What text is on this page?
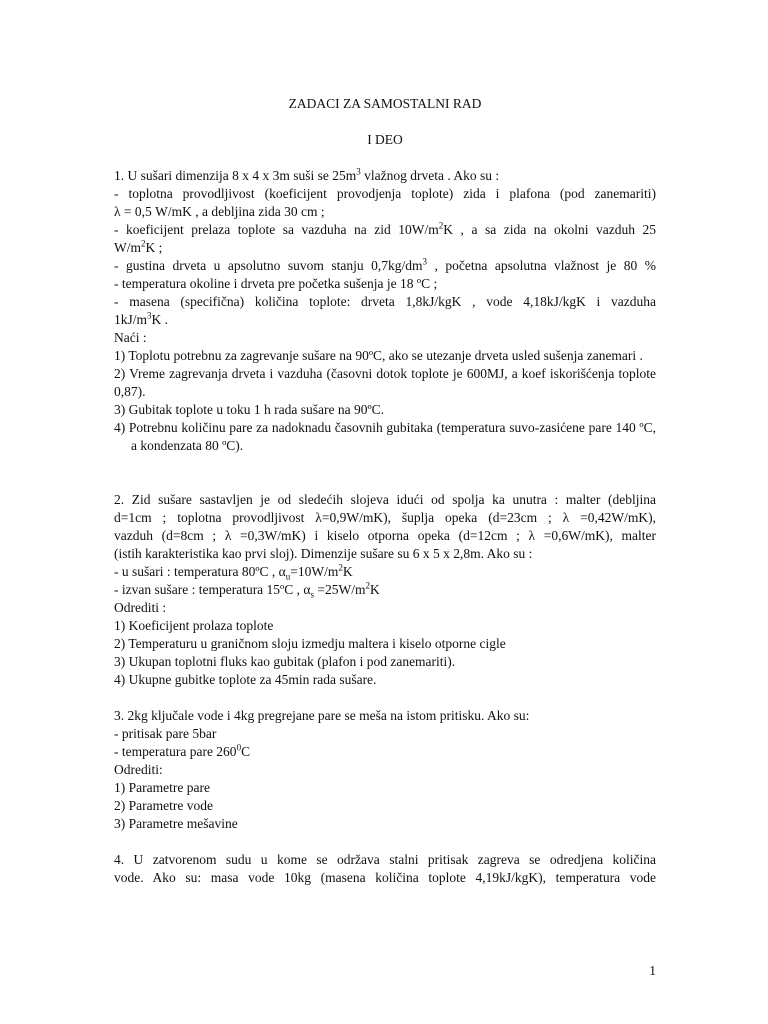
ZADACI ZA SAMOSTALNI RAD

I DEO

1. U sušari dimenzija 8 x 4 x 3m suši se $25m^3$ vlažnog drveta . Ako su :

- toplotna provodljivost (koeficijent provodjenja toplote) zida i plafona (pod zanemariti)

λ = 0,5 W/mK , a debljina zida 30 cm ;

- koeficijent prelaza toplote sa vazduha na zid $10W/m^2K$ , a sa zida na okolni vazduh 25

$W/m^2K$ ;

- gustina drveta u apsolutno suvom stanju $0,7kg/dm^3$ , početna apsolutna vlažnost je 80 %

- temperatura okoline i drveta pre početka sušenja je 18 ºC ;

- masena (specifična) količina toplote: drveta 1,8kJ/kgK , vode 4,18kJ/kgK i vazduha

$1kJ/m^3K$ .

Naći :

1) Toplotu potrebnu za zagrevanje sušare na 90ºC, ako se utezanje drveta usled sušenja zanemari .

2) Vreme zagrevanja drveta i vazduha (časovni dotok toplote je 600MJ, a koef iskorišćenja toplote 0,87).

3) Gubitak toplote u toku 1 h rada sušare na 90ºC.

4) Potrebnu količinu pare za nadoknadu časovnih gubitaka (temperatura suvo-zasićene pare 140 ºC, a kondenzata 80 ºC).

2. Zid sušare sastavljen je od sledećih slojeva idući od spolja ka unutra : malter (debljina

d=1cm ; toplotna provodljivost λ=0,9W/mK), šuplja opeka (d=23cm ; λ =0,42W/mK),

vazduh (d=8cm ; λ =0,3W/mK) i kiselo otporna opeka (d=12cm ; λ =0,6W/mK), malter

(istih karakteristika kao prvi sloj). Dimenzije sušare su 6 x 5 x 2,8m. Ako su :

- u sušari : temperatura 80ºC , $\alpha_u=10W/m^2K$

- izvan sušare : temperatura 15ºC , $\alpha_s =25W/m^2K$

Odrediti :

1) Koeficijent prolaza toplote

2) Temperaturu u graničnom sloju izmedju maltera i kiselo otporne cigle

3) Ukupan toplotni fluks kao gubitak (plafon i pod zanemariti).

4) Ukupne gubitke toplote za 45min rada sušare.

3. 2kg ključale vode i 4kg pregrejane pare se meša na istom pritisku. Ako su:

- pritisak pare 5bar

- temperatura pare $260^0C$

Odrediti:

1) Parametre pare

2) Parametre vode

3) Parametre mešavine

4. U zatvorenom sudu u kome se održava stalni pritisak zagreva se odredjena količina

vode. Ako su: masa vode 10kg (masena količina toplote 4,19kJ/kgK), temperatura vode

1
